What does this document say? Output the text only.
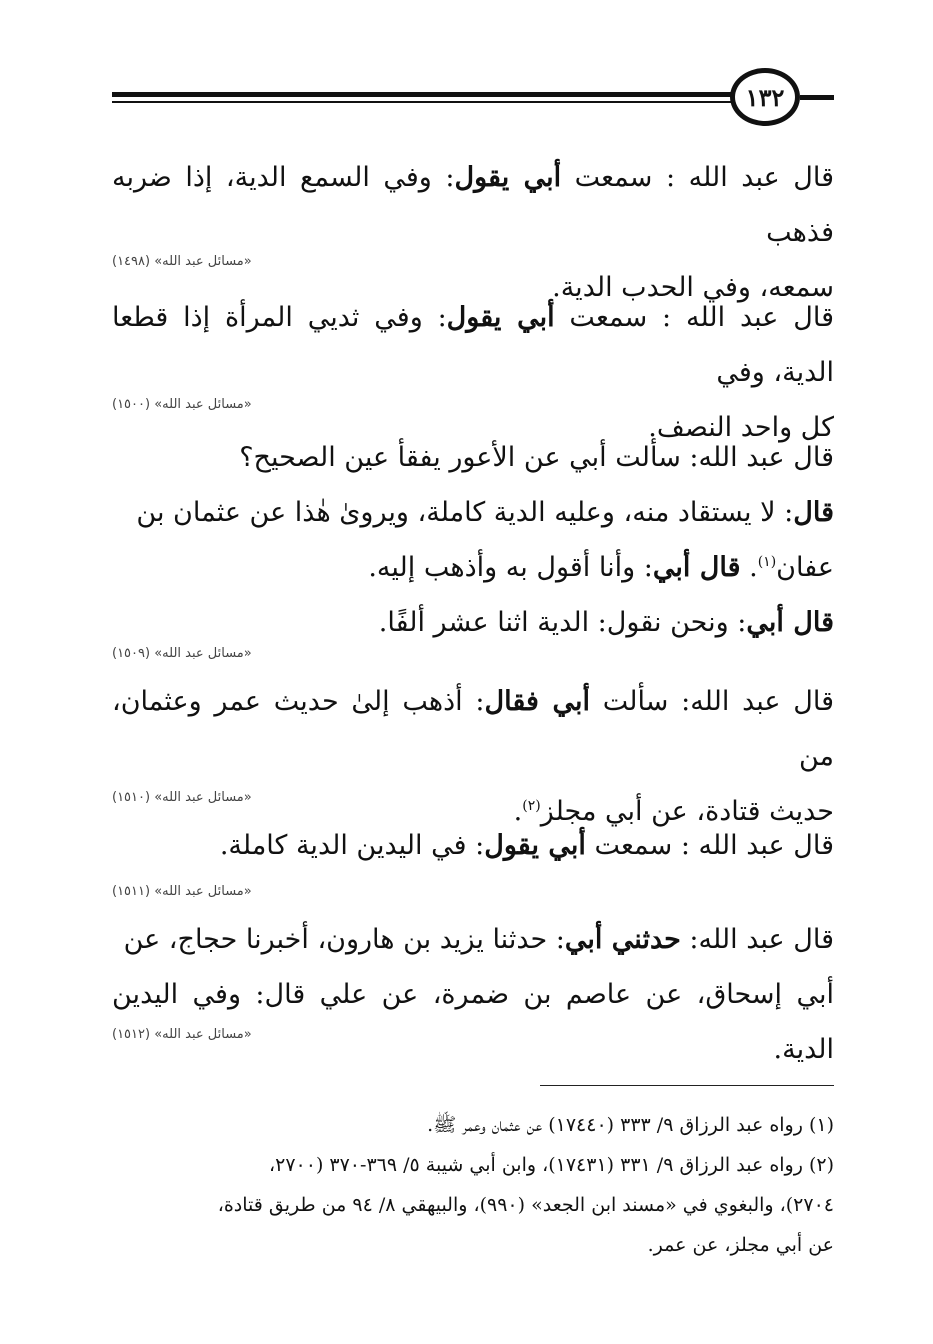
١٣٢
قال عبد الله : سمعت أبي يقول: وفي السمع الدية، إذا ضربه فذهب
سمعه، وفي الحدب الدية.
«مسائل عبد الله» (١٤٩٨)
قال عبد الله : سمعت أبي يقول: وفي ثديي المرأة إذا قطعا الدية، وفي
كل واحد النصف.
«مسائل عبد الله» (١٥٠٠)
قال عبد الله: سألت أبي عن الأعور يفقأ عين الصحيح؟
قال: لا يستقاد منه، وعليه الدية كاملة، ويروىٰ هٰذا عن عثمان بن
عفان$^{(١)}$. قال أبي: وأنا أقول به وأذهب إليه.
قال أبي: ونحن نقول: الدية اثنا عشر ألفًا.
«مسائل عبد الله» (١٥٠٩)
قال عبد الله: سألت أبي فقال: أذهب إلىٰ حديث عمر وعثمان، من
حديث قتادة، عن أبي مجلز$^{(٢)}$.
«مسائل عبد الله» (١٥١٠)
قال عبد الله : سمعت أبي يقول: في اليدين الدية كاملة.
«مسائل عبد الله» (١٥١١)
قال عبد الله: حدثني أبي: حدثنا يزيد بن هارون، أخبرنا حجاج، عن
أبي إسحاق، عن عاصم بن ضمرة، عن علي قال: وفي اليدين الدية.
«مسائل عبد الله» (١٥١٢)
(١) رواه عبد الرزاق ٩/ ٣٣٣ (١٧٤٤٠) عن عثمان وعمر ﷺ.
(٢) رواه عبد الرزاق ٩/ ٣٣١ (١٧٤٣١)، وابن أبي شيبة ٥/ ٣٦٩-٣٧٠ (٢٧٠٠،
٢٧٠٤)، والبغوي في «مسند ابن الجعد» (٩٩٠)، والبيهقي ٨/ ٩٤ من طريق قتادة،
عن أبي مجلز، عن عمر.
